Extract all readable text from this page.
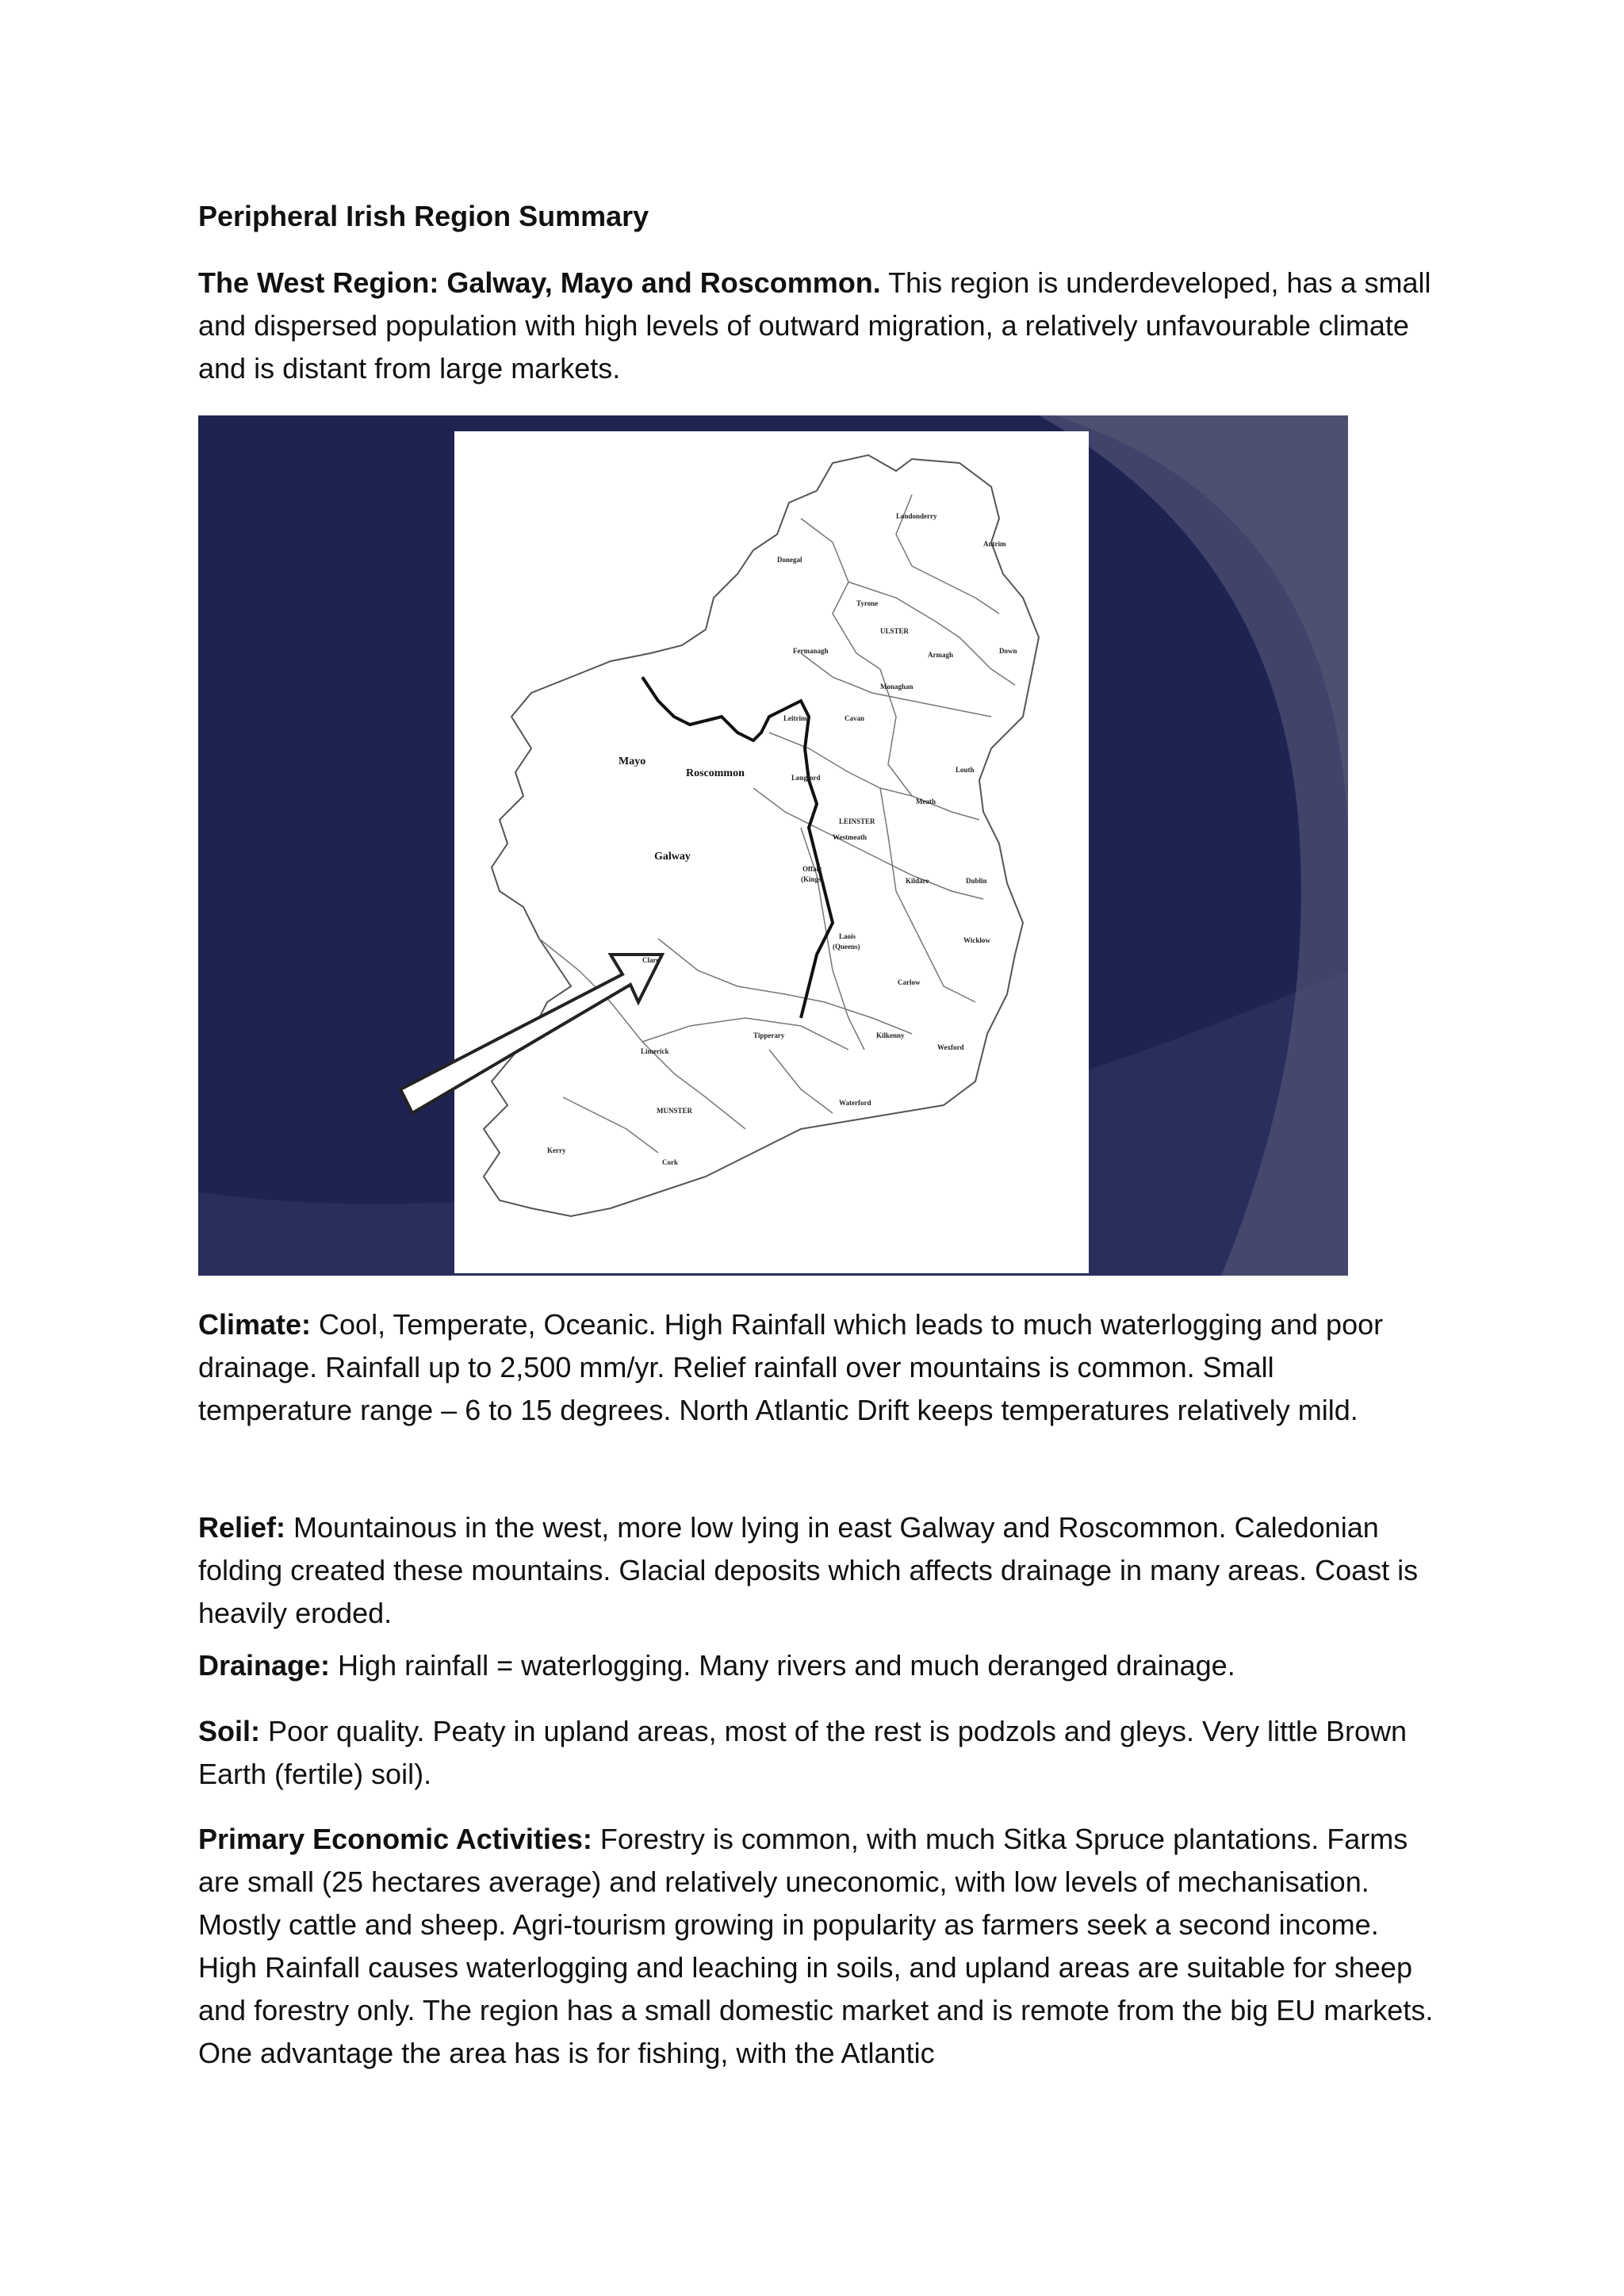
Peripheral Irish Region Summary

The West Region: Galway, Mayo and Roscommon. This region is underdeveloped, has a small and dispersed population with high levels of outward migration, a relatively unfavourable climate and is distant from large markets.

Londonderry
Antrim
Donegal
Tyrone
ULSTER
Fermanagh	Armagh	Down
Monaghan
Leitrim	Cavan
Mayo
Roscommon	Longford
Louth
Meath
LEINSTER
Westmeath
Galway
Offaly
(Kings)	Kildare	Dublin
Laois
(Queens)
Wicklow
Clare
Carlow
Tipperary	Kilkenny
Wexford
Limerick
MUNSTER
Waterford
Kerry
Cork

Climate: Cool, Temperate, Oceanic. High Rainfall which leads to much waterlogging and poor drainage. Rainfall up to 2,500 mm/yr. Relief rainfall over mountains is common. Small temperature range – 6 to 15 degrees. North Atlantic Drift keeps temperatures relatively mild.

Relief: Mountainous in the west, more low lying in east Galway and Roscommon. Caledonian folding created these mountains. Glacial deposits which affects drainage in many areas. Coast is heavily eroded.

Drainage: High rainfall = waterlogging. Many rivers and much deranged drainage.

Soil: Poor quality. Peaty in upland areas, most of the rest is podzols and gleys. Very little Brown Earth (fertile) soil).

Primary Economic Activities: Forestry is common, with much Sitka Spruce plantations. Farms are small (25 hectares average) and relatively uneconomic, with low levels of mechanisation. Mostly cattle and sheep. Agri-tourism growing in popularity as farmers seek a second income. High Rainfall causes waterlogging and leaching in soils, and upland areas are suitable for sheep and forestry only. The region has a small domestic market and is remote from the big EU markets. One advantage the area has is for fishing, with the Atlantic
